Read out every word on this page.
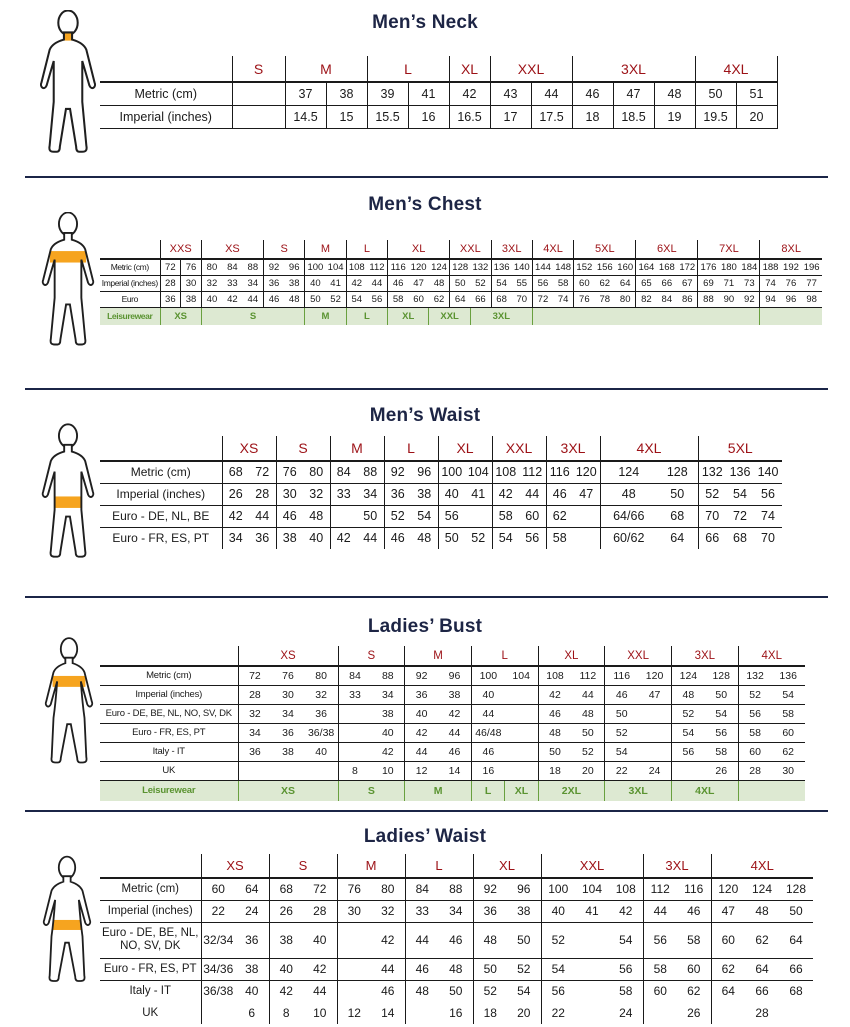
Men’s Neck
	S	M		L		XL	XXL		3XL			4XL	
Metric (cm)		37	38	39	41	42	43	44	46	47	48	50	51
Imperial (inches)		14.5	15	15.5	16	16.5	17	17.5	18	18.5	19	19.5	20
Men’s Chest
	XXS		XS			S		M		L		XL			XXL		3XL		4XL		5XL			6XL			7XL			8XL		
Metric (cm)	72	76	80	84	88	92	96	100	104	108	112	116	120	124	128	132	136	140	144	148	152	156	160	164	168	172	176	180	184	188	192	196
Imperial (inches)	28	30	32	33	34	36	38	40	41	42	44	46	47	48	50	52	54	55	56	58	60	62	64	65	66	67	69	71	73	74	76	77
Euro	36	38	40	42	44	46	48	50	52	54	56	58	60	62	64	66	68	70	72	74	76	78	80	82	84	86	88	90	92	94	96	98
Leisurewear	XS		S					M		L		XL		XXL		3XL																
Men’s Waist
	XS		S		M		L		XL		XXL		3XL		4XL		5XL		
Metric (cm)	68	72	76	80	84	88	92	96	100	104	108	112	116	120	124	128	132	136	140
Imperial (inches)	26	28	30	32	33	34	36	38	40	41	42	44	46	47	48	50	52	54	56
Euro - DE, NL, BE	42	44	46	48		50	52	54	56		58	60	62		64/66	68	70	72	74
Euro - FR, ES, PT	34	36	38	40	42	44	46	48	50	52	54	56	58		60/62	64	66	68	70
Ladies’ Bust
	XS			S		M		L		XL		XXL		3XL		4XL	
Metric (cm)	72	76	80	84	88	92	96	100	104	108	112	116	120	124	128	132	136
Imperial (inches)	28	30	32	33	34	36	38	40		42	44	46	47	48	50	52	54
Euro - DE, BE, NL, NO, SV, DK	32	34	36		38	40	42	44		46	48	50		52	54	56	58
Euro - FR, ES, PT	34	36	36/38		40	42	44	46/48		48	50	52		54	56	58	60
Italy - IT	36	38	40		42	44	46	46		50	52	54		56	58	60	62
UK				8	10	12	14	16		18	20	22	24		26	28	30
Leisurewear	XS			S		M		L	XL	2XL		3XL		4XL			
Ladies’ Waist
	XS		S		M		L		XL		XXL			3XL		4XL		
Metric (cm)	60	64	68	72	76	80	84	88	92	96	100	104	108	112	116	120	124	128
Imperial (inches)	22	24	26	28	30	32	33	34	36	38	40	41	42	44	46	47	48	50
Euro - DE, BE, NL, NO, SV, DK	32/34	36	38	40		42	44	46	48	50	52		54	56	58	60	62	64
Euro - FR, ES, PT	34/36	38	40	42		44	46	48	50	52	54		56	58	60	62	64	66
Italy - IT	36/38	40	42	44		46	48	50	52	54	56		58	60	62	64	66	68
UK		6	8	10	12	14		16	18	20	22		24		26		28	
